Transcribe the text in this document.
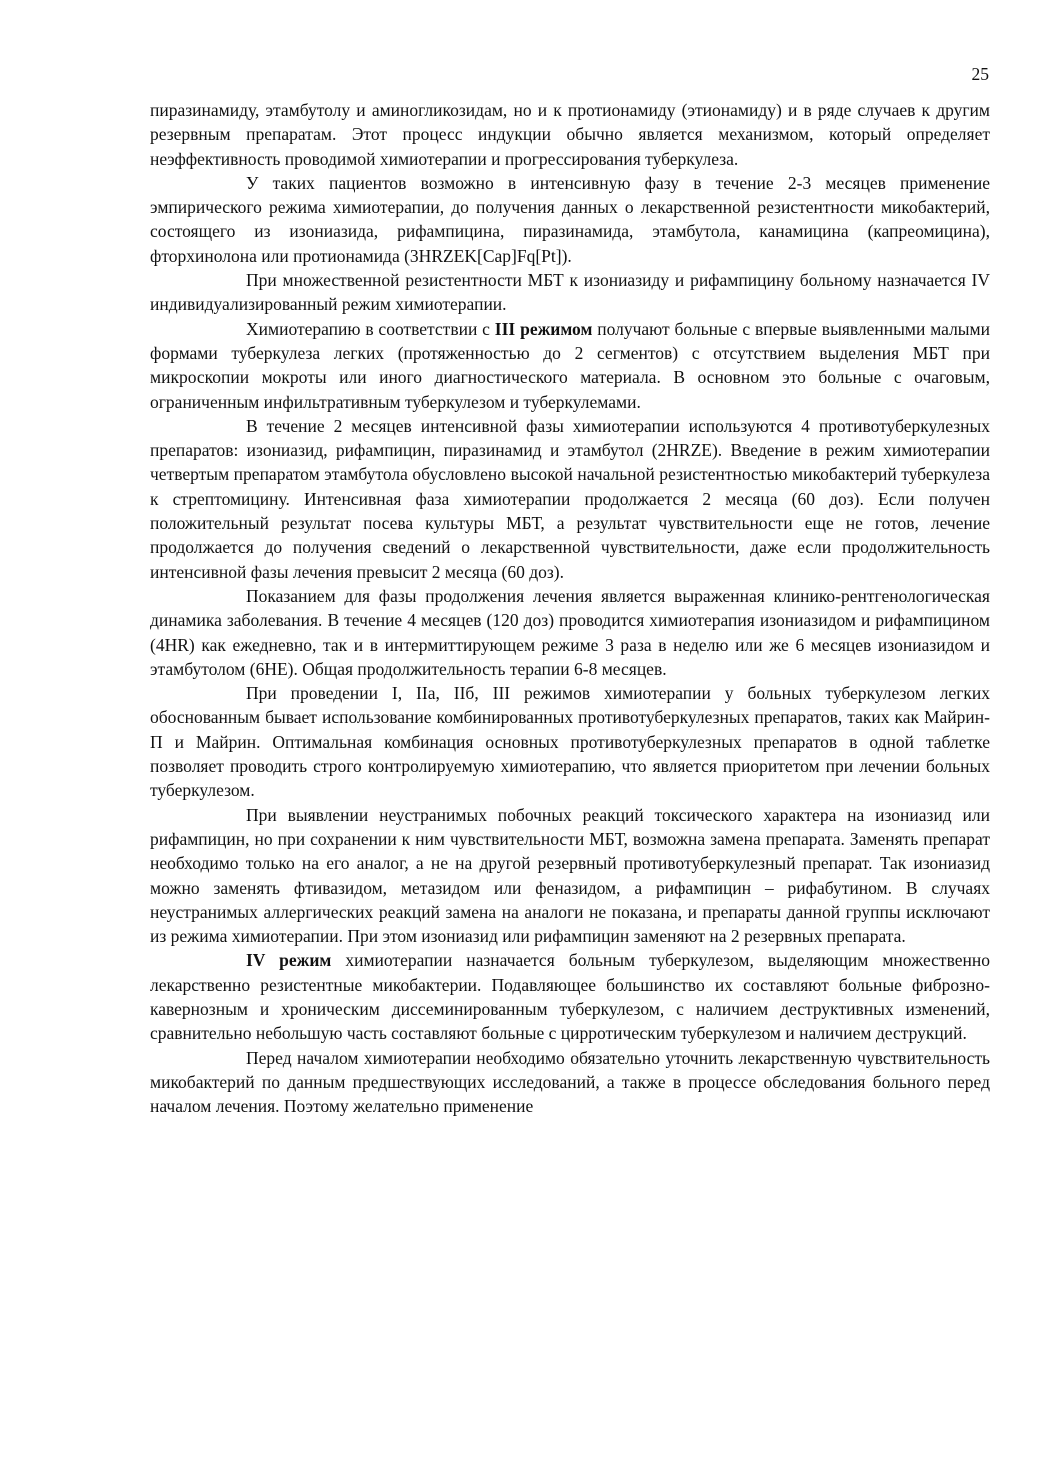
25

пиразинамиду, этамбутолу и аминогликозидам, но и к протионамиду (этионамиду) и в ряде случаев к другим резервным препаратам. Этот процесс индукции обычно является механизмом, который определяет неэффективность проводимой химиотерапии и прогрессирования туберкулеза.

У таких пациентов возможно в интенсивную фазу в течение 2-3 месяцев применение эмпирического режима химиотерапии, до получения данных о лекарственной резистентности микобактерий, состоящего из изониазида, рифампицина, пиразинамида, этамбутола, канамицина (капреомицина), фторхинолона или протионамида (3HRZEK[Cap]Fq[Pt]).

При множественной резистентности МБТ к изониазиду и рифампицину больному назначается IV индивидуализированный режим химиотерапии.

Химиотерапию в соответствии с III режимом получают больные с впервые выявленными малыми формами туберкулеза легких (протяженностью до 2 сегментов) с отсутствием выделения МБТ при микроскопии мокроты или иного диагностического материала. В основном это больные с очаговым, ограниченным инфильтративным туберкулезом и туберкулемами.

В течение 2 месяцев интенсивной фазы химиотерапии используются 4 противотуберкулезных препаратов: изониазид, рифампицин, пиразинамид и этамбутол (2HRZE). Введение в режим химиотерапии четвертым препаратом этамбутола обусловлено высокой начальной резистентностью микобактерий туберкулеза к стрептомицину. Интенсивная фаза химиотерапии продолжается 2 месяца (60 доз). Если получен положительный результат посева культуры МБТ, а результат чувствительности еще не готов, лечение продолжается до получения сведений о лекарственной чувствительности, даже если продолжительность интенсивной фазы лечения превысит 2 месяца (60 доз).

Показанием для фазы продолжения лечения является выраженная клинико-рентгенологическая динамика заболевания. В течение 4 месяцев (120 доз) проводится химиотерапия изониазидом и рифампицином (4HR) как ежедневно, так и в интермиттирующем режиме 3 раза в неделю или же 6 месяцев изониазидом и этамбутолом (6HE). Общая продолжительность терапии 6-8 месяцев.

При проведении I, IIа, IIб, III режимов химиотерапии у больных туберкулезом легких обоснованным бывает использование комбинированных противотуберкулезных препаратов, таких как Майрин-П и Майрин. Оптимальная комбинация основных противотуберкулезных препаратов в одной таблетке позволяет проводить строго контролируемую химиотерапию, что является приоритетом при лечении больных туберкулезом.

При выявлении неустранимых побочных реакций токсического характера на изониазид или рифампицин, но при сохранении к ним чувствительности МБТ, возможна замена препарата. Заменять препарат необходимо только на его аналог, а не на другой резервный противотуберкулезный препарат. Так изониазид можно заменять фтивазидом, метазидом или феназидом, а рифампицин – рифабутином. В случаях неустранимых аллергических реакций замена на аналоги не показана, и препараты данной группы исключают из режима химиотерапии. При этом изониазид или рифампицин заменяют на 2 резервных препарата.

IV режим химиотерапии назначается больным туберкулезом, выделяющим множественно лекарственно резистентные микобактерии. Подавляющее большинство их составляют больные фиброзно-кавернозным и хроническим диссеминированным туберкулезом, с наличием деструктивных изменений, сравнительно небольшую часть составляют больные с цирротическим туберкулезом и наличием деструкций.

Перед началом химиотерапии необходимо обязательно уточнить лекарственную чувствительность микобактерий по данным предшествующих исследований, а также в процессе обследования больного перед началом лечения. Поэтому желательно применение
